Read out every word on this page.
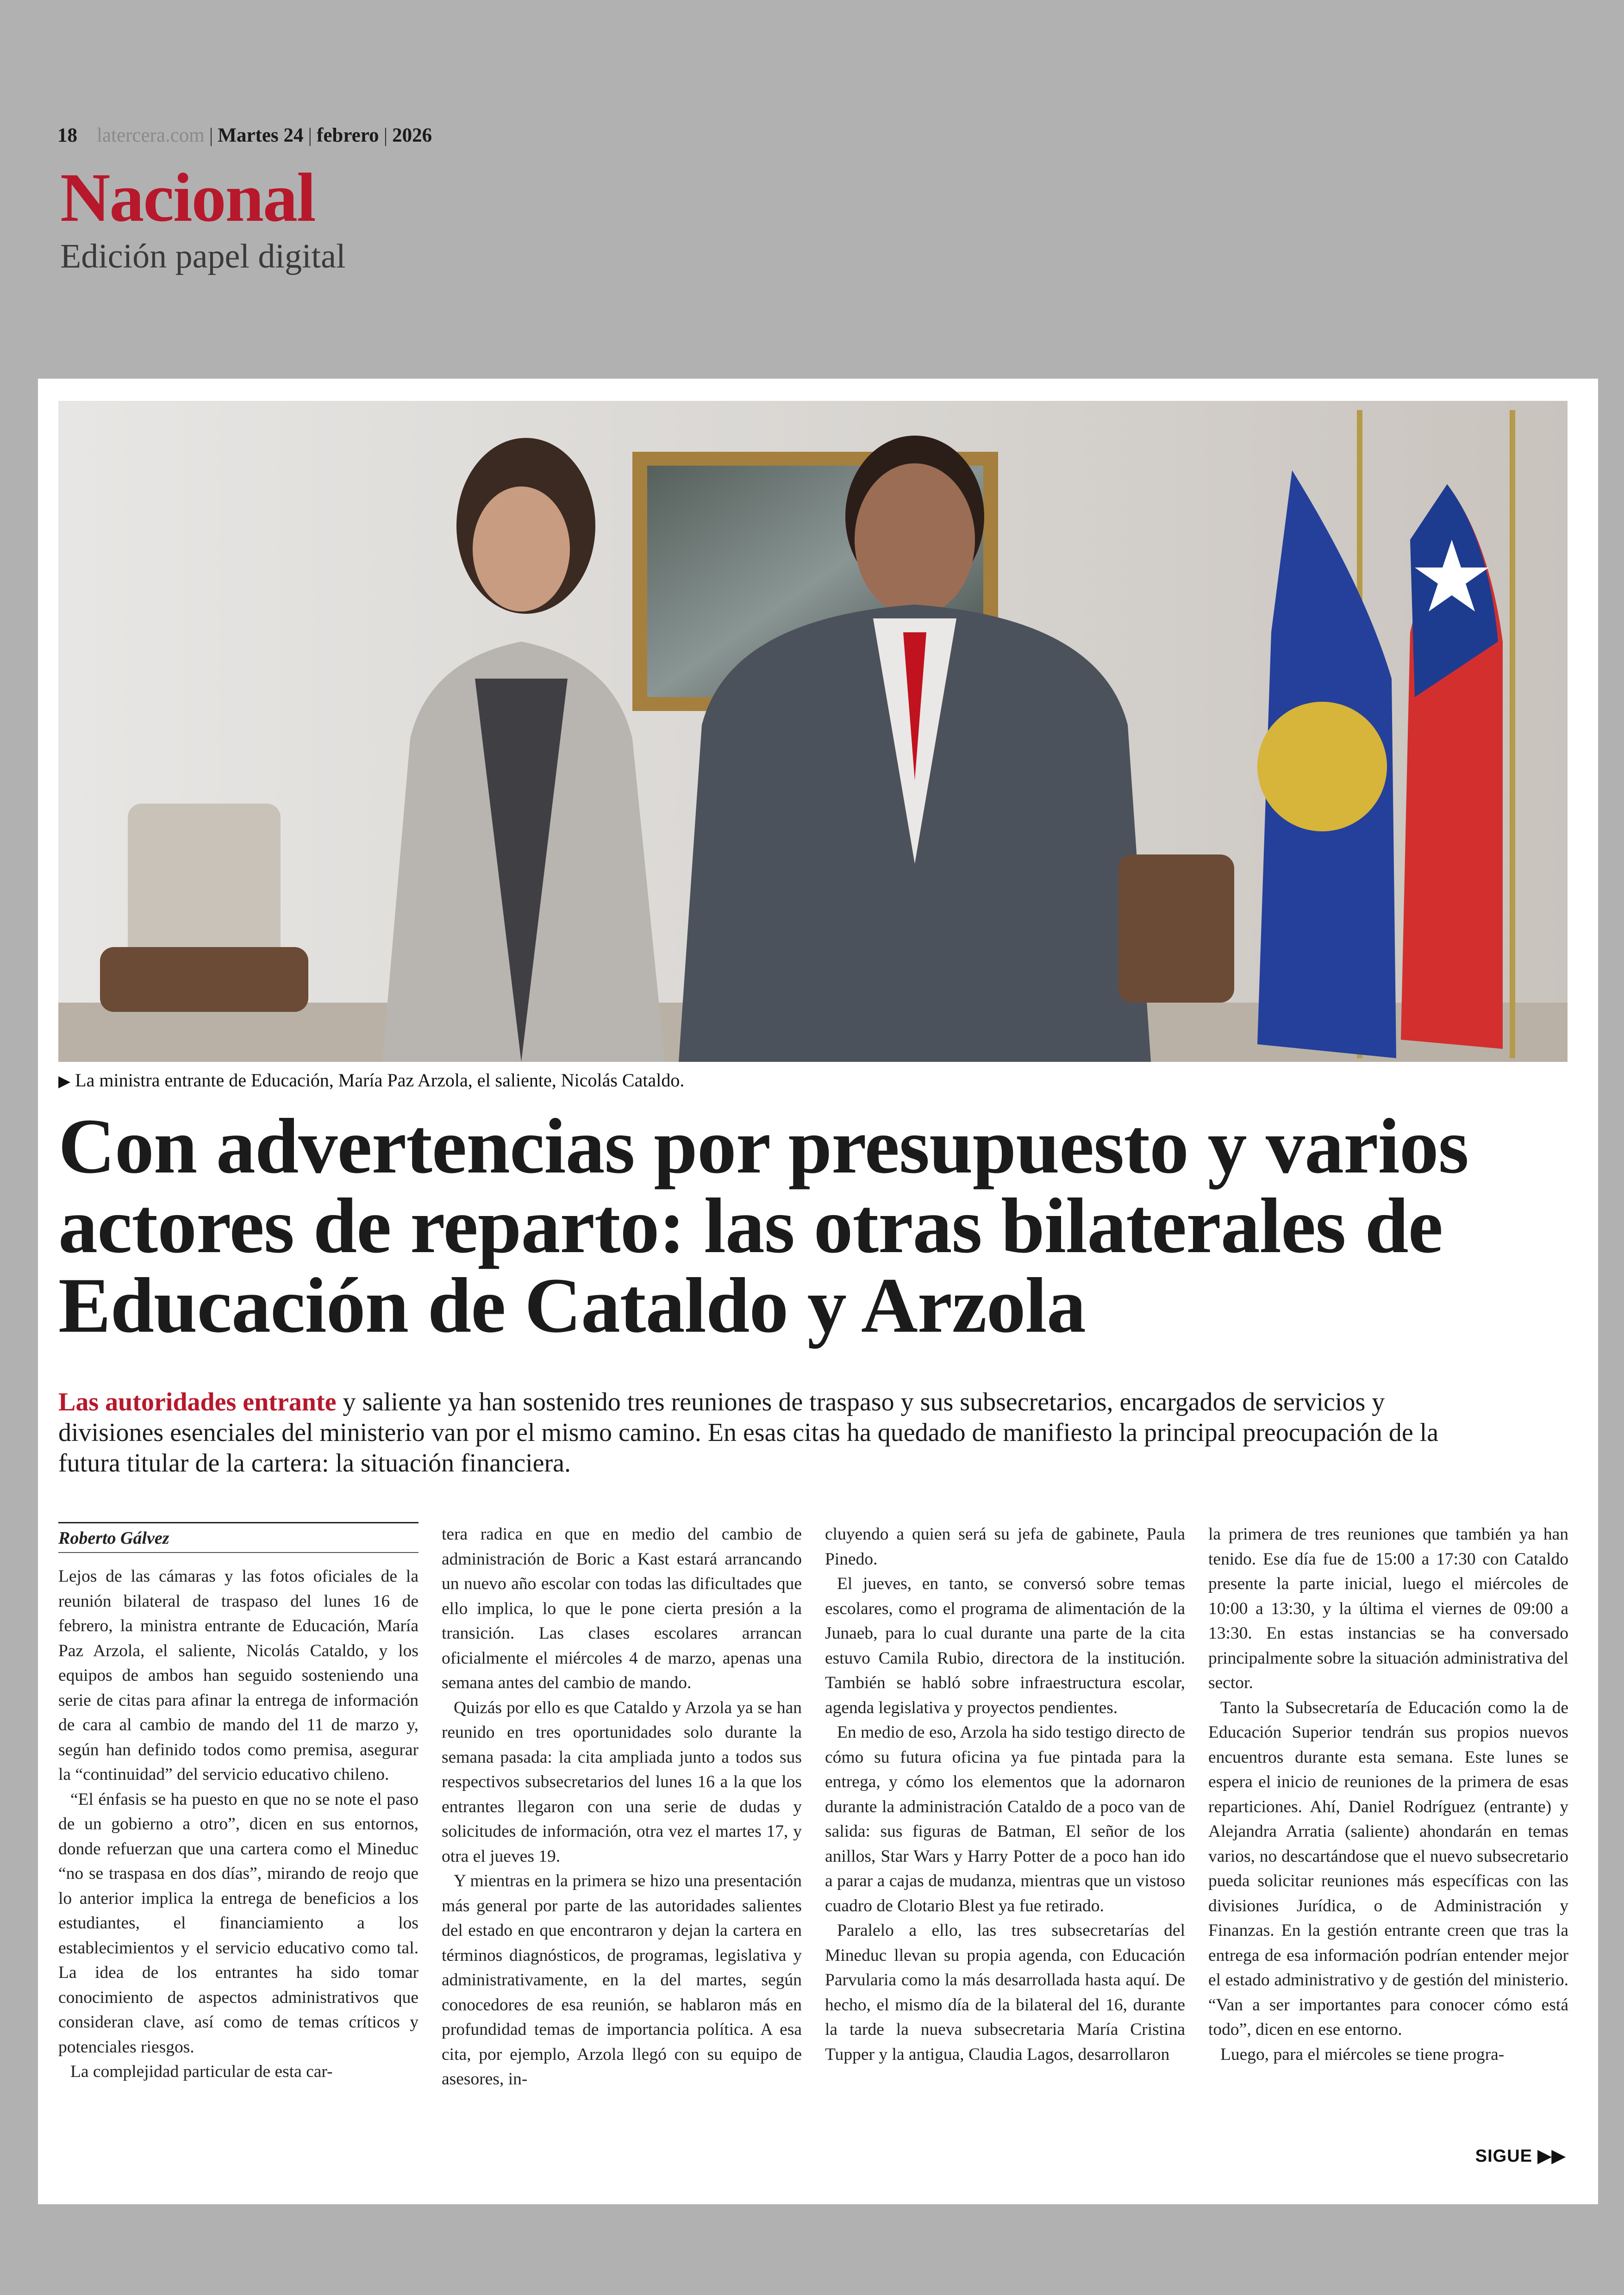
18 latercera.com | Martes 24 | febrero | 2026
Nacional
Edición papel digital
▶ La ministra entrante de Educación, María Paz Arzola, el saliente, Nicolás Cataldo.
Con advertencias por presupuesto y varios actores de reparto: las otras bilaterales de Educación de Cataldo y Arzola

Las autoridades entrante y saliente ya han sostenido tres reuniones de traspaso y sus subsecretarios, encargados de servicios y divisiones esenciales del ministerio van por el mismo camino. En esas citas ha quedado de manifiesto la principal preocupación de la futura titular de la cartera: la situación financiera.

Roberto Gálvez

Lejos de las cámaras y las fotos oficiales de la reunión bilateral de traspaso del lunes 16 de febrero, la ministra entrante de Educación, María Paz Arzola, el saliente, Nicolás Cataldo, y los equipos de ambos han seguido sosteniendo una serie de citas para afinar la entrega de información de cara al cambio de mando del 11 de marzo y, según han definido todos como premisa, asegurar la “continuidad” del servicio educativo chileno.

“El énfasis se ha puesto en que no se note el paso de un gobierno a otro”, dicen en sus entornos, donde refuerzan que una cartera como el Mineduc “no se traspasa en dos días”, mirando de reojo que lo anterior implica la entrega de beneficios a los estudiantes, el financiamiento a los establecimientos y el servicio educativo como tal. La idea de los entrantes ha sido tomar conocimiento de aspectos administrativos que consideran clave, así como de temas críticos y potenciales riesgos.

La complejidad particular de esta car-

tera radica en que en medio del cambio de administración de Boric a Kast estará arrancando un nuevo año escolar con todas las dificultades que ello implica, lo que le pone cierta presión a la transición. Las clases escolares arrancan oficialmente el miércoles 4 de marzo, apenas una semana antes del cambio de mando.

Quizás por ello es que Cataldo y Arzola ya se han reunido en tres oportunidades solo durante la semana pasada: la cita ampliada junto a todos sus respectivos subsecretarios del lunes 16 a la que los entrantes llegaron con una serie de dudas y solicitudes de información, otra vez el martes 17, y otra el jueves 19.

Y mientras en la primera se hizo una presentación más general por parte de las autoridades salientes del estado en que encontraron y dejan la cartera en términos diagnósticos, de programas, legislativa y administrativamente, en la del martes, según conocedores de esa reunión, se hablaron más en profundidad temas de importancia política. A esa cita, por ejemplo, Arzola llegó con su equipo de asesores, in-

cluyendo a quien será su jefa de gabinete, Paula Pinedo.

El jueves, en tanto, se conversó sobre temas escolares, como el programa de alimentación de la Junaeb, para lo cual durante una parte de la cita estuvo Camila Rubio, directora de la institución. También se habló sobre infraestructura escolar, agenda legislativa y proyectos pendientes.

En medio de eso, Arzola ha sido testigo directo de cómo su futura oficina ya fue pintada para la entrega, y cómo los elementos que la adornaron durante la administración Cataldo de a poco van de salida: sus figuras de Batman, El señor de los anillos, Star Wars y Harry Potter de a poco han ido a parar a cajas de mudanza, mientras que un vistoso cuadro de Clotario Blest ya fue retirado.

Paralelo a ello, las tres subsecretarías del Mineduc llevan su propia agenda, con Educación Parvularia como la más desarrollada hasta aquí. De hecho, el mismo día de la bilateral del 16, durante la tarde la nueva subsecretaria María Cristina Tupper y la antigua, Claudia Lagos, desarrollaron

la primera de tres reuniones que también ya han tenido. Ese día fue de 15:00 a 17:30 con Cataldo presente la parte inicial, luego el miércoles de 10:00 a 13:30, y la última el viernes de 09:00 a 13:30. En estas instancias se ha conversado principalmente sobre la situación administrativa del sector.

Tanto la Subsecretaría de Educación como la de Educación Superior tendrán sus propios nuevos encuentros durante esta semana. Este lunes se espera el inicio de reuniones de la primera de esas reparticiones. Ahí, Daniel Rodríguez (entrante) y Alejandra Arratia (saliente) ahondarán en temas varios, no descartándose que el nuevo subsecretario pueda solicitar reuniones más específicas con las divisiones Jurídica, o de Administración y Finanzas. En la gestión entrante creen que tras la entrega de esa información podrían entender mejor el estado administrativo y de gestión del ministerio. “Van a ser importantes para conocer cómo está todo”, dicen en ese entorno.

Luego, para el miércoles se tiene progra-

SIGUE ▶▶
